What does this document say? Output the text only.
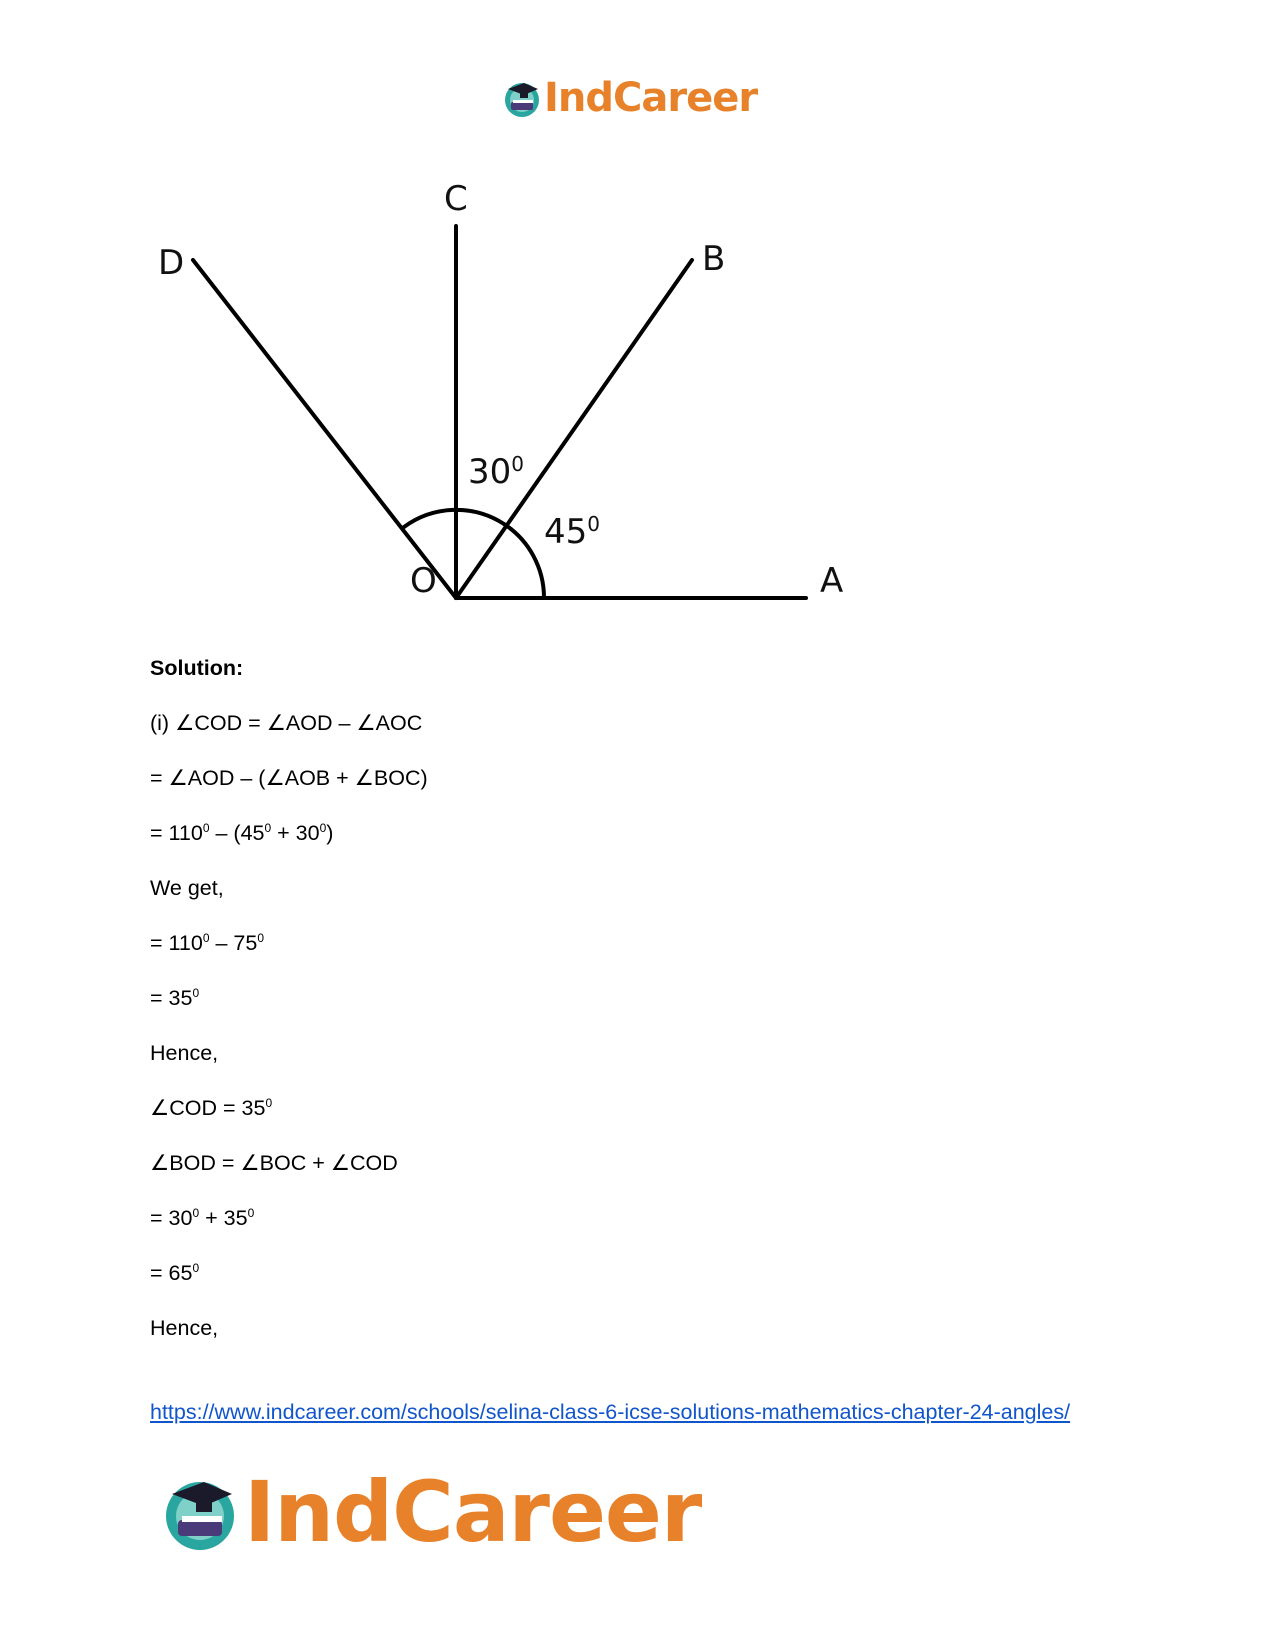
IndCareer
C
D	B
O	A
$30^0$
$45^0$
Solution:
(i) ∠COD = ∠AOD – ∠AOC
= ∠AOD – (∠AOB + ∠BOC)
= $110^0 - (45^0 + 30^0)$
We get,
= $110^0 - 75^0$
= $35^0$
Hence,
∠COD = $35^0$
∠BOD = ∠BOC + ∠COD
= $30^0 + 35^0$
= $65^0$
Hence,
https://www.indcareer.com/schools/selina-class-6-icse-solutions-mathematics-chapter-24-angles/
IndCareer
